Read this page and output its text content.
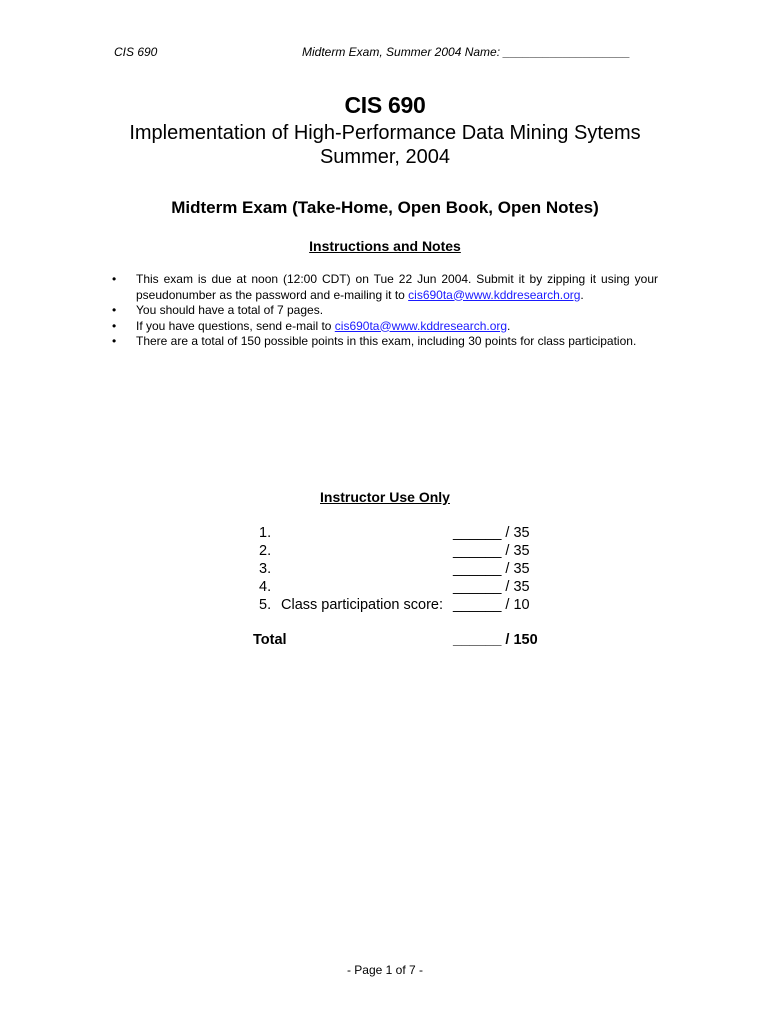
CIS 690	Midterm Exam, Summer 2004 Name: ___________________
CIS 690
Implementation of High-Performance Data Mining Sytems
Summer, 2004
Midterm Exam (Take-Home, Open Book, Open Notes)
Instructions and Notes
•	This exam is due at noon (12:00 CDT) on Tue 22 Jun 2004. Submit it by zipping it using your pseudonumber as the password and e-mailing it to cis690ta@www.kddresearch.org.
•	You should have a total of 7 pages.
•	If you have questions, send e-mail to cis690ta@www.kddresearch.org.
•	There are a total of 150 possible points in this exam, including 30 points for class participation.
Instructor Use Only
1.	______ / 35
2.	______ / 35
3.	______ / 35
4.	______ / 35
5. Class participation score: ______ / 10
Total	______ / 150
- Page 1 of 7 -
